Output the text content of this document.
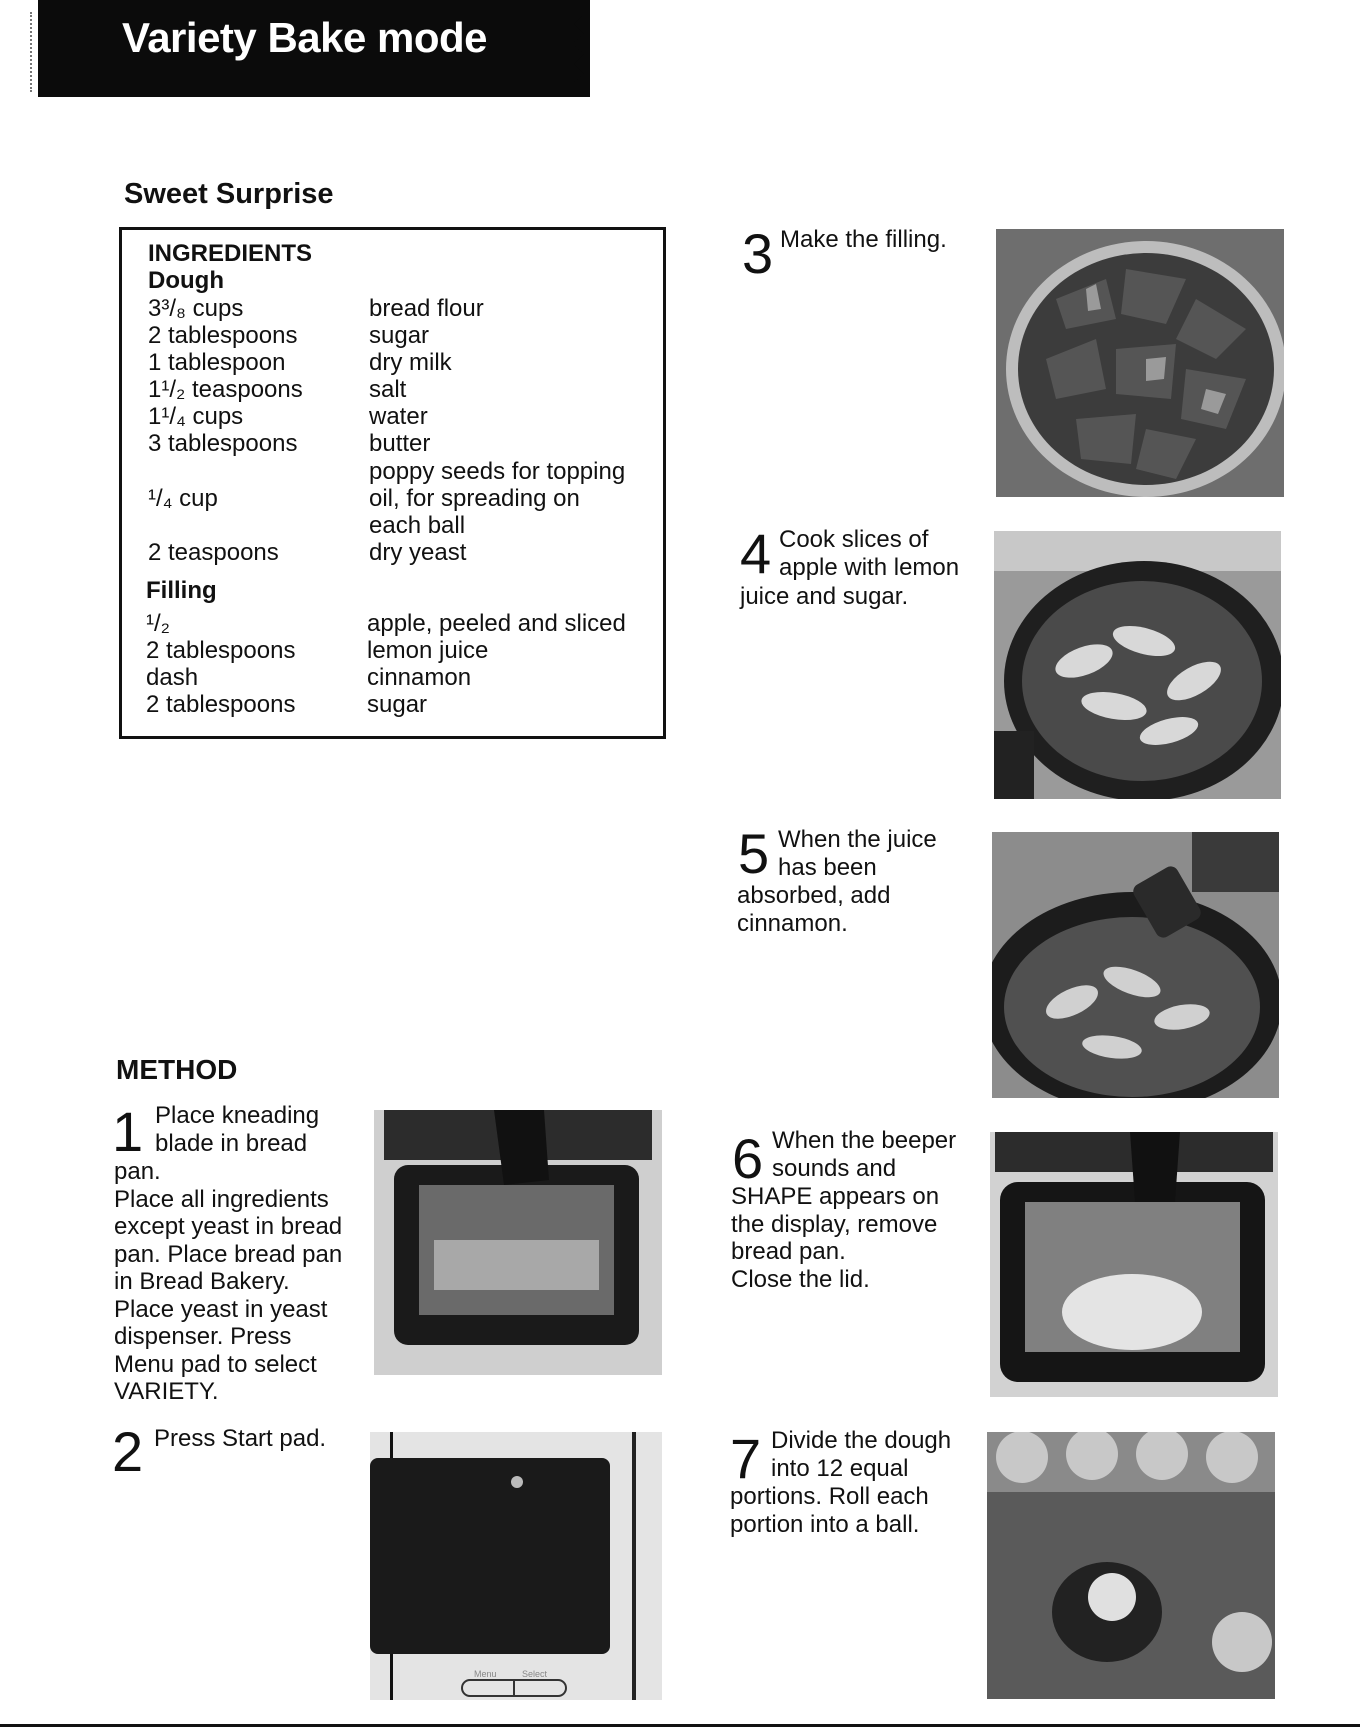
Variety Bake mode
Sweet Surprise
INGREDIENTS
Dough
3³/₈ cups	bread flour
2 tablespoons	sugar
1 tablespoon	dry milk
1¹/₂ teaspoons	salt
1¹/₄ cups	water
3 tablespoons	butter
poppy seeds for topping
¹/₄ cup	oil, for spreading on
each ball
2 teaspoons	dry yeast
Filling
¹/₂	apple, peeled and sliced
2 tablespoons	lemon juice
dash	cinnamon
2 tablespoons	sugar
METHOD
1 Place kneading
blade in bread
pan.
Place all ingredients
except yeast in bread
pan. Place bread pan
in Bread Bakery.
Place yeast in yeast
dispenser. Press
Menu pad to select
VARIETY.
2 Press Start pad.
3 Make the filling.
4 Cook slices of
apple with lemon
juice and sugar.
5 When the juice
has been
absorbed, add
cinnamon.
6 When the beeper
sounds and
SHAPE appears on
the display, remove
bread pan.
Close the lid.
7 Divide the dough
into 12 equal
portions. Roll each
portion into a ball.
Menu	Select
